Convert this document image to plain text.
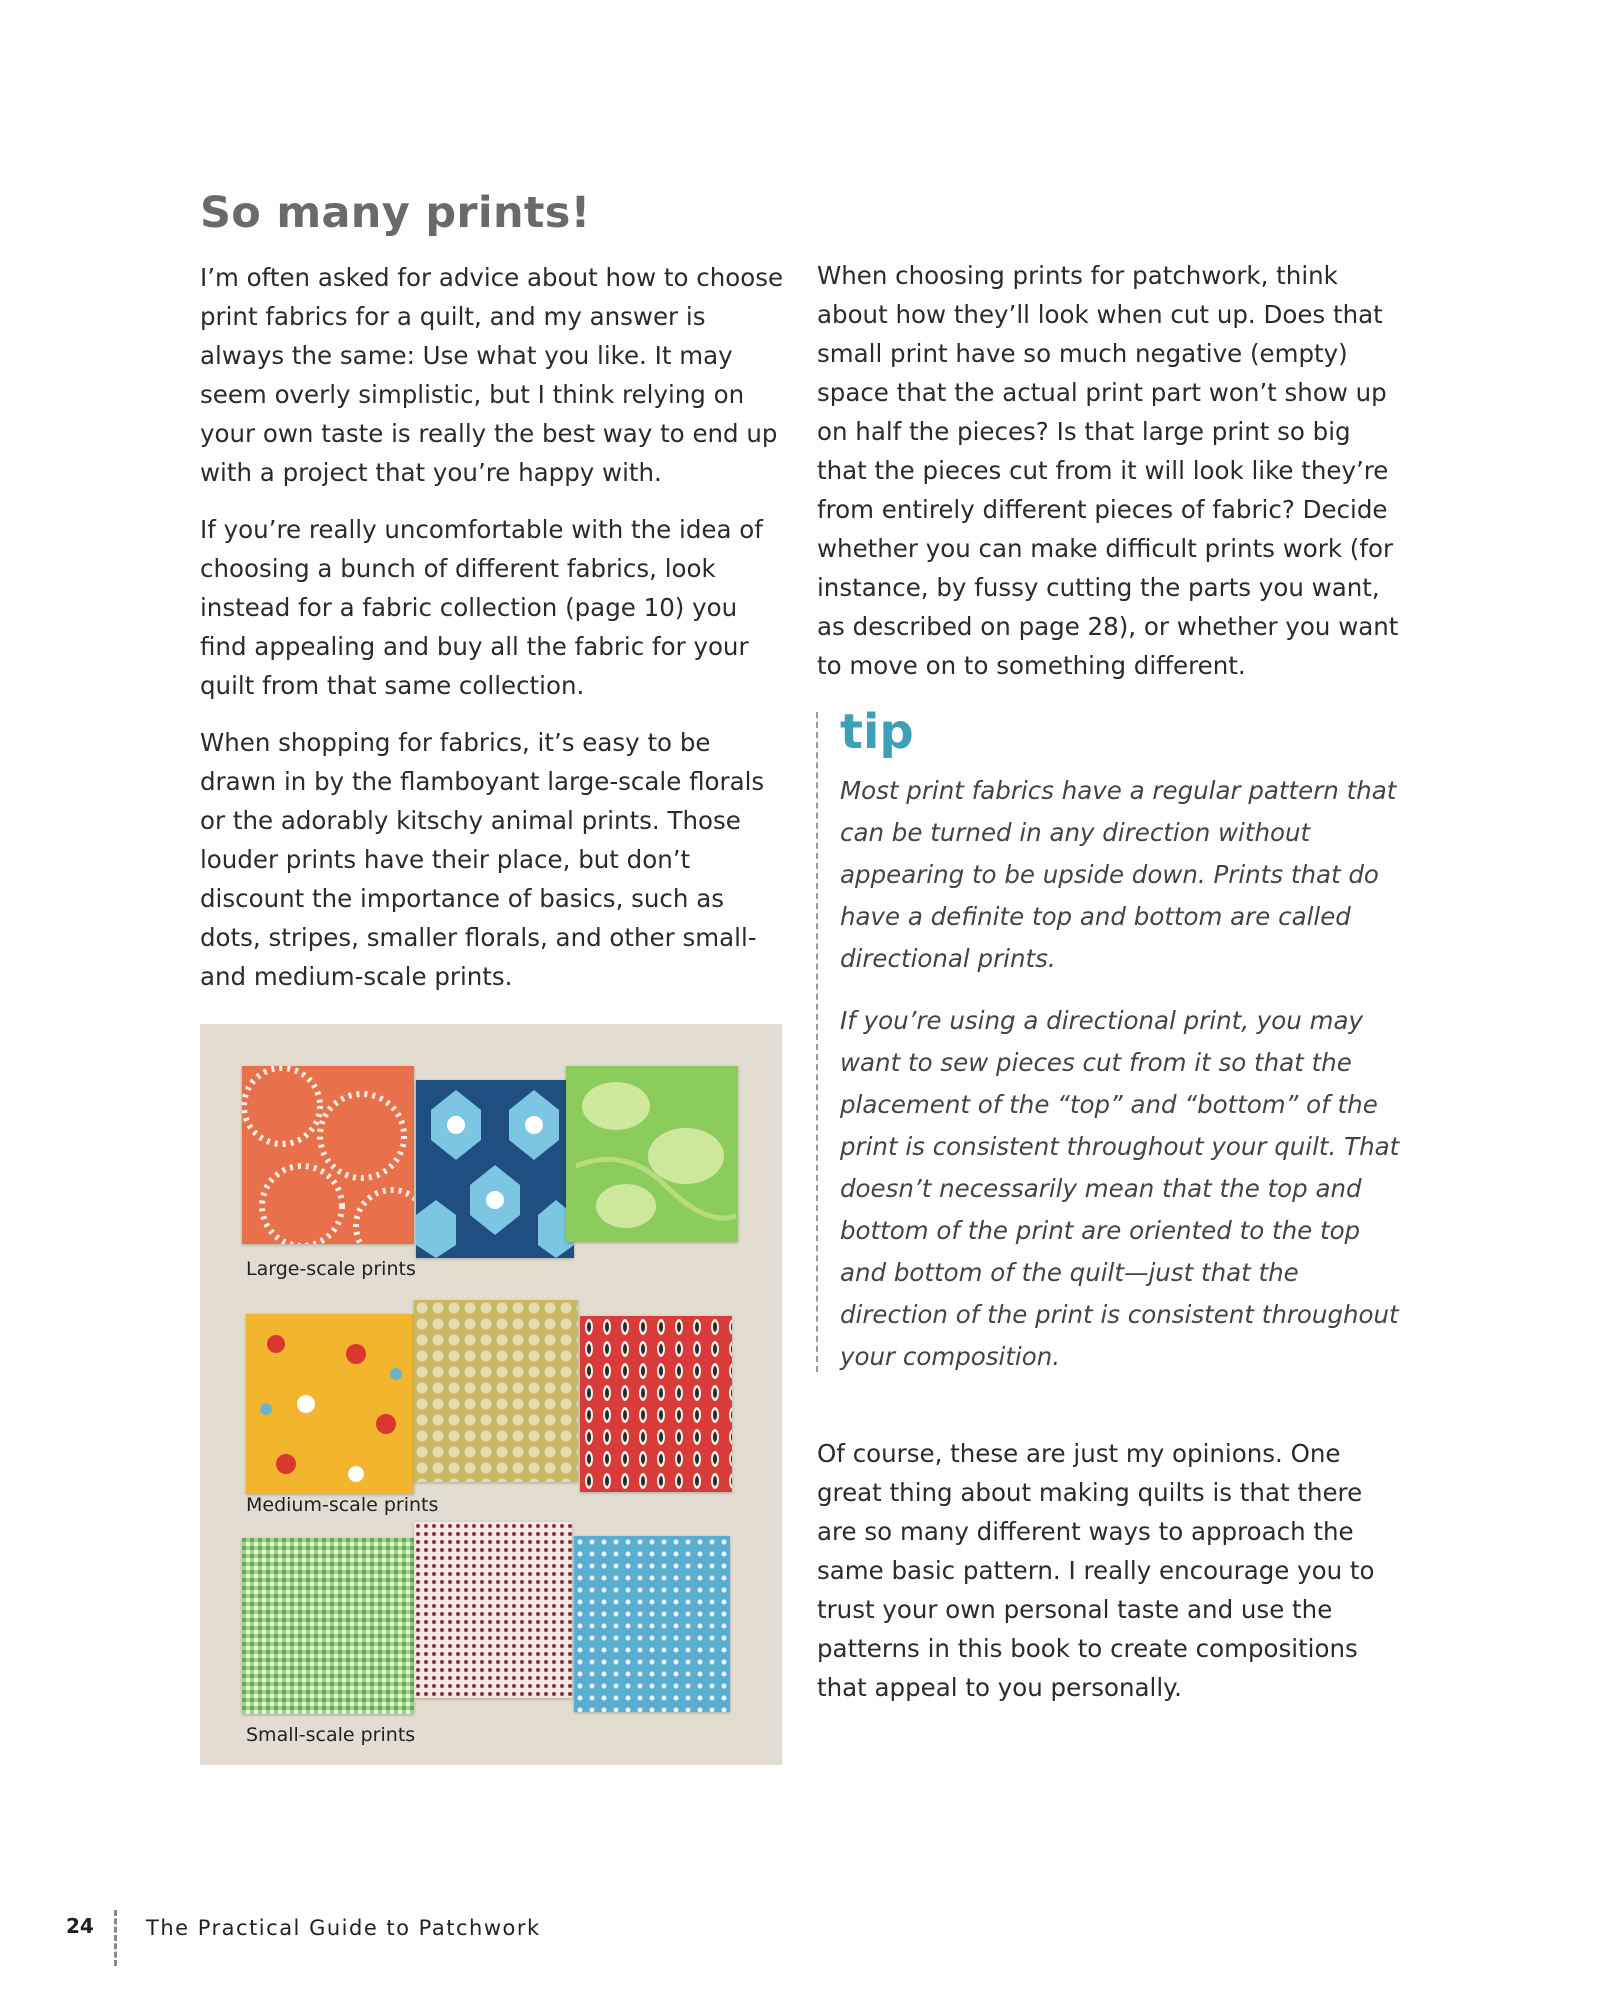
So many prints!

I’m often asked for advice about how to choose print fabrics for a quilt, and my answer is always the same: Use what you like. It may seem overly simplistic, but I think relying on your own taste is really the best way to end up with a project that you’re happy with.

If you’re really uncomfortable with the idea of choosing a bunch of different fabrics, look instead for a fabric collection (page 10) you find appealing and buy all the fabric for your quilt from that same collection.

When shopping for fabrics, it’s easy to be drawn in by the flamboyant large-scale florals or the adorably kitschy animal prints. Those louder prints have their place, but don’t discount the importance of basics, such as dots, stripes, smaller florals, and other small- and medium-scale prints.

When choosing prints for patchwork, think about how they’ll look when cut up. Does that small print have so much negative (empty) space that the actual print part won’t show up on half the pieces? Is that large print so big that the pieces cut from it will look like they’re from entirely different pieces of fabric? Decide whether you can make difficult prints work (for instance, by fussy cutting the parts you want, as described on page 28), or whether you want to move on to something different.

tip

Most print fabrics have a regular pattern that can be turned in any direction without appearing to be upside down. Prints that do have a definite top and bottom are called directional prints.

If you’re using a directional print, you may want to sew pieces cut from it so that the placement of the “top” and “bottom” of the print is consistent throughout your quilt. That doesn’t necessarily mean that the top and bottom of the print are oriented to the top and bottom of the quilt—just that the direction of the print is consistent throughout your composition.

Of course, these are just my opinions. One great thing about making quilts is that there are so many different ways to approach the same basic pattern. I really encourage you to trust your own personal taste and use the patterns in this book to create compositions that appeal to you personally.

Large-scale prints
Medium-scale prints
Small-scale prints
24 The Practical Guide to Patchwork
